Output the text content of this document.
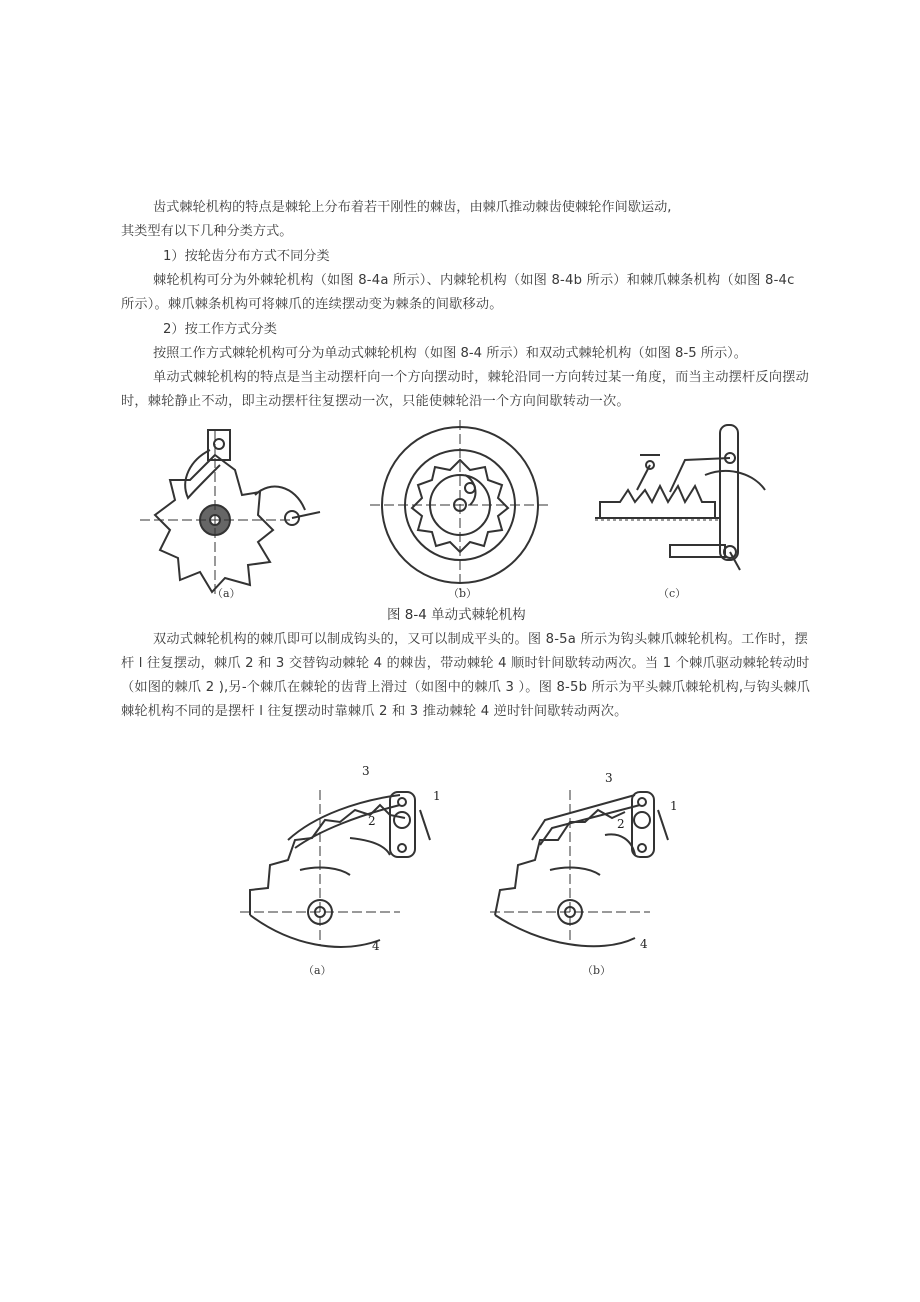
齿式棘轮机构的特点是棘轮上分布着若干刚性的棘齿，由棘爪推动棘齿使棘轮作间歇运动,

其类型有以下几种分类方式。

1）按轮齿分布方式不同分类

棘轮机构可分为外棘轮机构（如图 8-4a 所示）、内棘轮机构（如图 8-4b 所示）和棘爪棘条机构（如图 8-4c 所示）。棘爪棘条机构可将棘爪的连续摆动变为棘条的间歇移动。

2）按工作方式分类

按照工作方式棘轮机构可分为单动式棘轮机构（如图 8-4 所示）和双动式棘轮机构（如图 8-5 所示）。

单动式棘轮机构的特点是当主动摆杆向一个方向摆动时，棘轮沿同一方向转过某一角度，而当主动摆杆反向摆动时，棘轮静止不动，即主动摆杆往复摆动一次，只能使棘轮沿一个方向间歇转动一次。

（a）	（b）	（c）
图 8-4 单动式棘轮机构

双动式棘轮机构的棘爪即可以制成钩头的，又可以制成平头的。图 8-5a 所示为钩头棘爪棘轮机构。工作时，摆杆 l 往复摆动，棘爪 2 和 3 交替钩动棘轮 4 的棘齿，带动棘轮 4 顺时针间歇转动两次。当 1 个棘爪驱动棘轮转动时（如图的棘爪 2 ),另-个棘爪在棘轮的齿背上滑过（如图中的棘爪 3 ）。图 8-5b 所示为平头棘爪棘轮机构,与钩头棘爪棘轮机构不同的是摆杆 l 往复摆动时靠棘爪 2 和 3 推动棘轮 4 逆时针间歇转动两次。

3
1
2
4
3
1
2
4
（a）	（b）
